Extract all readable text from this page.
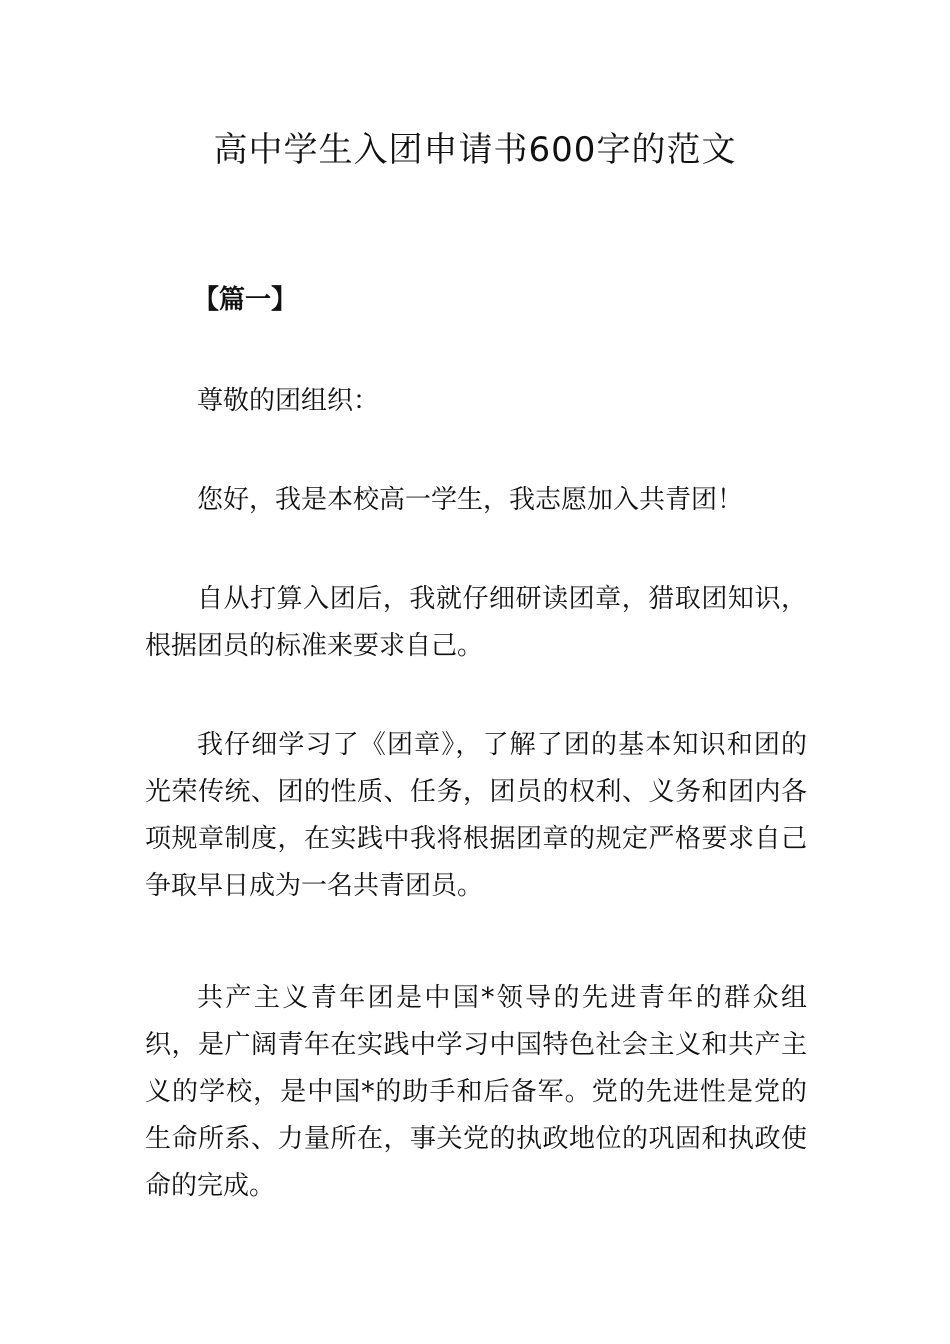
高中学生入团申请书600字的范文

【篇一】

尊敬的团组织：

您好，我是本校高一学生，我志愿加入共青团！

自从打算入团后，我就仔细研读团章，猎取团知识，根据团员的标准来要求自己。

我仔细学习了《团章》，了解了团的基本知识和团的光荣传统、团的性质、任务，团员的权利、义务和团内各项规章制度，在实践中我将根据团章的规定严格要求自己争取早日成为一名共青团员。

共产主义青年团是中国*领导的先进青年的群众组织，是广阔青年在实践中学习中国特色社会主义和共产主义的学校，是中国*的助手和后备军。党的先进性是党的生命所系、力量所在，事关党的执政地位的巩固和执政使命的完成。
